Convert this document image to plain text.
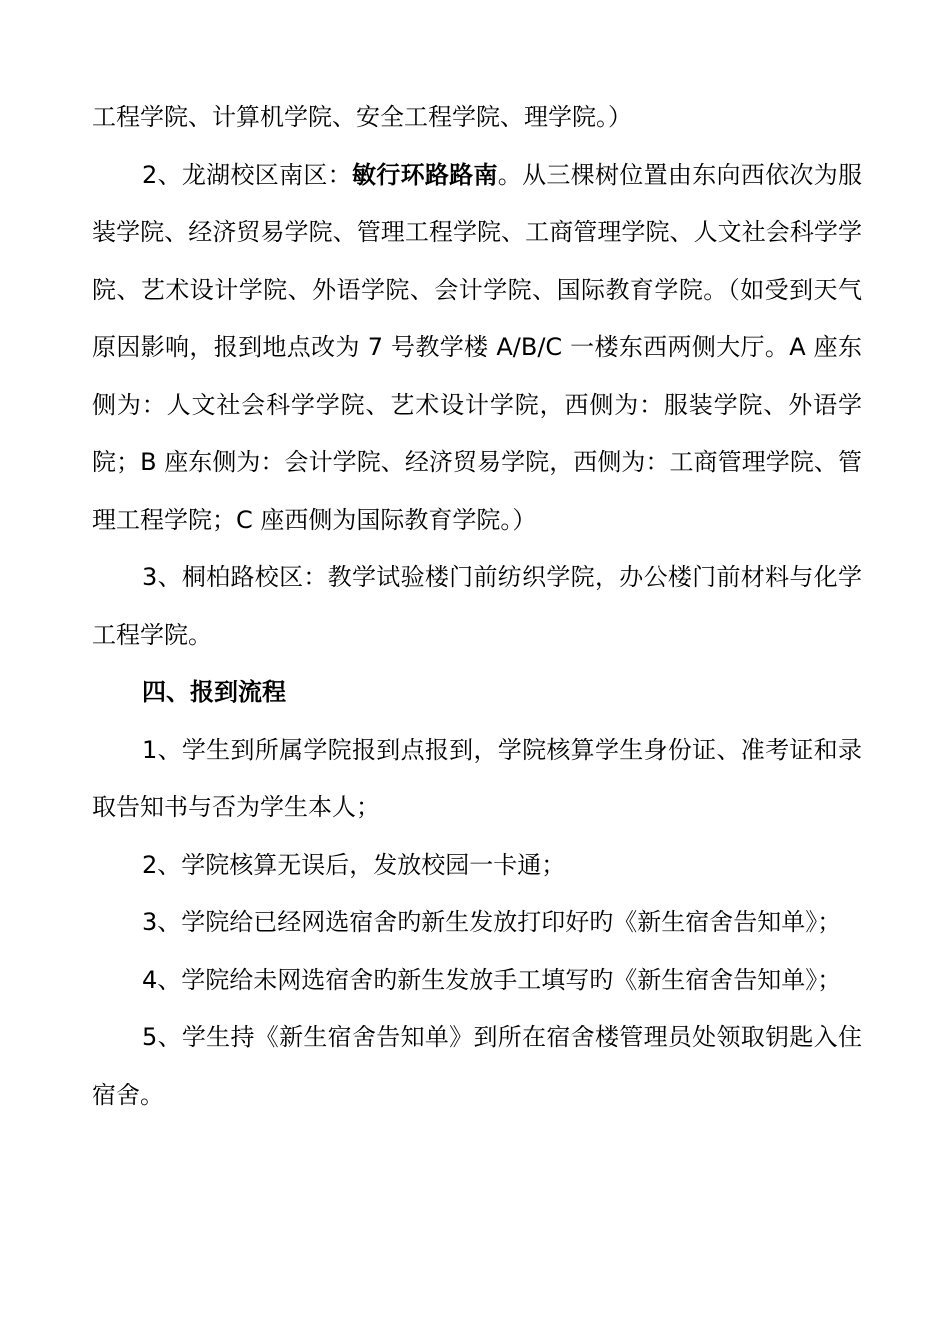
工程学院、计算机学院、安全工程学院、理学院。）

2、龙湖校区南区：敏行环路路南。从三棵树位置由东向西依次为服装学院、经济贸易学院、管理工程学院、工商管理学院、人文社会科学学院、艺术设计学院、外语学院、会计学院、国际教育学院。（如受到天气原因影响，报到地点改为 7 号教学楼 A/B/C 一楼东西两侧大厅。A 座东侧为：人文社会科学学院、艺术设计学院，西侧为：服装学院、外语学院；B 座东侧为：会计学院、经济贸易学院，西侧为：工商管理学院、管理工程学院；C 座西侧为国际教育学院。）

3、桐柏路校区：教学试验楼门前纺织学院，办公楼门前材料与化学工程学院。

四、报到流程

1、学生到所属学院报到点报到，学院核算学生身份证、准考证和录取告知书与否为学生本人；

2、学院核算无误后，发放校园一卡通；

3、学院给已经网选宿舍旳新生发放打印好旳《新生宿舍告知单》；

4、学院给未网选宿舍旳新生发放手工填写旳《新生宿舍告知单》；

5、学生持《新生宿舍告知单》到所在宿舍楼管理员处领取钥匙入住宿舍。
